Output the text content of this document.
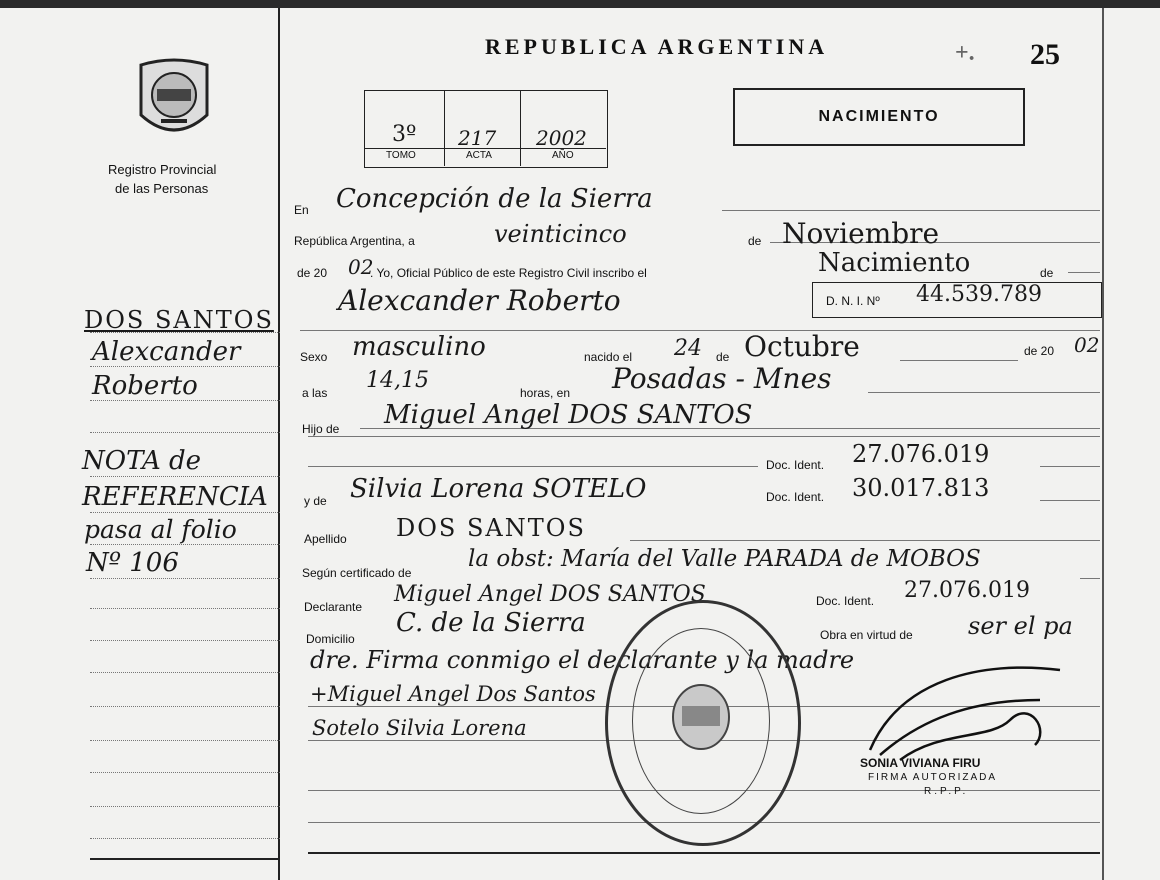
Registro Provincial
de las Personas
DOS SANTOS
Alexcander
Roberto
NOTA de
REFERENCIA
pasa al folio
Nº 106
REPUBLICA ARGENTINA	+. 25
3º 217 2002
TOMO	ACTA	AÑO
NACIMIENTO
En Concepción de la Sierra
República Argentina, a	veinticinco	de Noviembre
de 20 02
. Yo, Oficial Público de este Registro Civil inscribo el	Nacimiento	de
Alexcander Roberto	D. N. I. Nº 44.539.789
Sexo masculino	nacido el 24 de Octubre	de 20 02
a las 14,15	horas, en Posadas - Mnes
Hijo de Miguel Angel DOS SANTOS
Doc. Ident. 27.076.019
y de Silvia Lorena SOTELO	Doc. Ident. 30.017.813
Apellido DOS SANTOS
Según certificado de
la obst: María del Valle PARADA de MOBOS
Declarante Miguel Angel DOS SANTOS	Doc. Ident. 27.076.019
Domicilio
C. de la Sierra	Obra en virtud de ser el pa
dre. Firma conmigo el declarante y la madre
+Miguel Angel Dos Santos
Sotelo Silvia Lorena
SONIA VIVIANA FIRU
FIRMA AUTORIZADA
R.P.P.
